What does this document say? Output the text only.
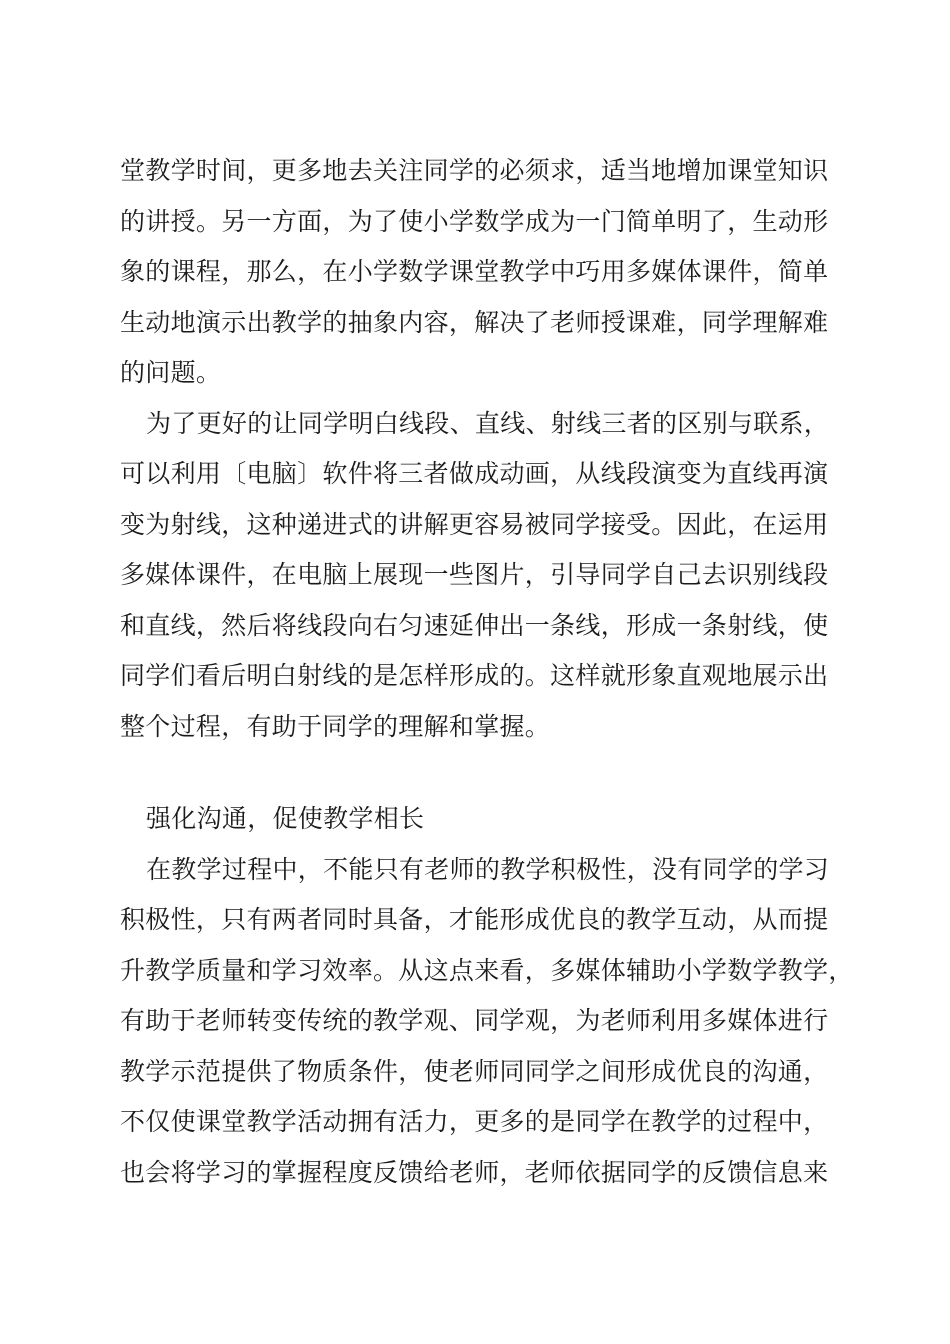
堂教学时间，更多地去关注同学的必须求，适当地增加课堂知识
的讲授。另一方面，为了使小学数学成为一门简单明了，生动形
象的课程，那么，在小学数学课堂教学中巧用多媒体课件，简单
生动地演示出教学的抽象内容，解决了老师授课难，同学理解难
的问题。
为了更好的让同学明白线段、直线、射线三者的区别与联系，
可以利用〔电脑〕软件将三者做成动画，从线段演变为直线再演
变为射线，这种递进式的讲解更容易被同学接受。因此，在运用
多媒体课件，在电脑上展现一些图片，引导同学自己去识别线段
和直线，然后将线段向右匀速延伸出一条线，形成一条射线，使
同学们看后明白射线的是怎样形成的。这样就形象直观地展示出
整个过程，有助于同学的理解和掌握。
强化沟通，促使教学相长
在教学过程中，不能只有老师的教学积极性，没有同学的学习
积极性，只有两者同时具备，才能形成优良的教学互动，从而提
升教学质量和学习效率。从这点来看，多媒体辅助小学数学教学，
有助于老师转变传统的教学观、同学观，为老师利用多媒体进行
教学示范提供了物质条件，使老师同同学之间形成优良的沟通，
不仅使课堂教学活动拥有活力，更多的是同学在教学的过程中，
也会将学习的掌握程度反馈给老师，老师依据同学的反馈信息来
